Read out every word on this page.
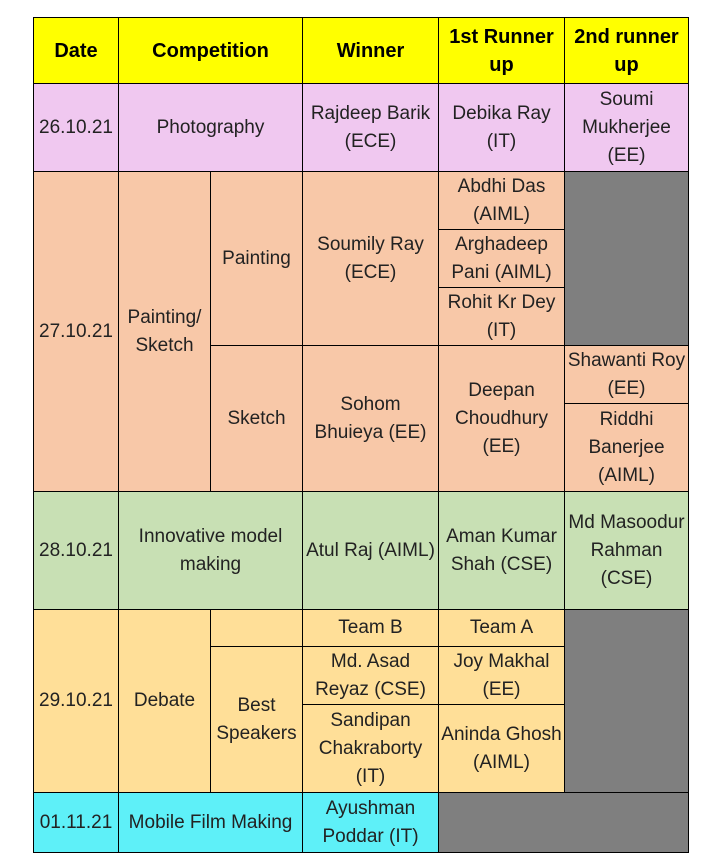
Date	Competition		Winner	1st Runner up	2nd runner up
26.10.21	Photography		Rajdeep Barik (ECE)	Debika Ray (IT)	Soumi Mukherjee (EE)
27.10.21	Painting/ Sketch	Painting	Soumily Ray (ECE)	Abdhi Das (AIML)	
				Arghadeep Pani (AIML)	
				Rohit Kr Dey (IT)	
		Sketch	Sohom Bhuieya (EE)	Deepan Choudhury (EE)	Shawanti Roy (EE)
					Riddhi Banerjee (AIML)
28.10.21	Innovative model making		Atul Raj (AIML)	Aman Kumar Shah (CSE)	Md Masoodur Rahman (CSE)
29.10.21	Debate		Team B	Team A	
		Best Speakers	Md. Asad Reyaz (CSE)	Joy Makhal (EE)	
			Sandipan Chakraborty (IT)	Aninda Ghosh (AIML)	
01.11.21	Mobile Film Making		Ayushman Poddar (IT)		
